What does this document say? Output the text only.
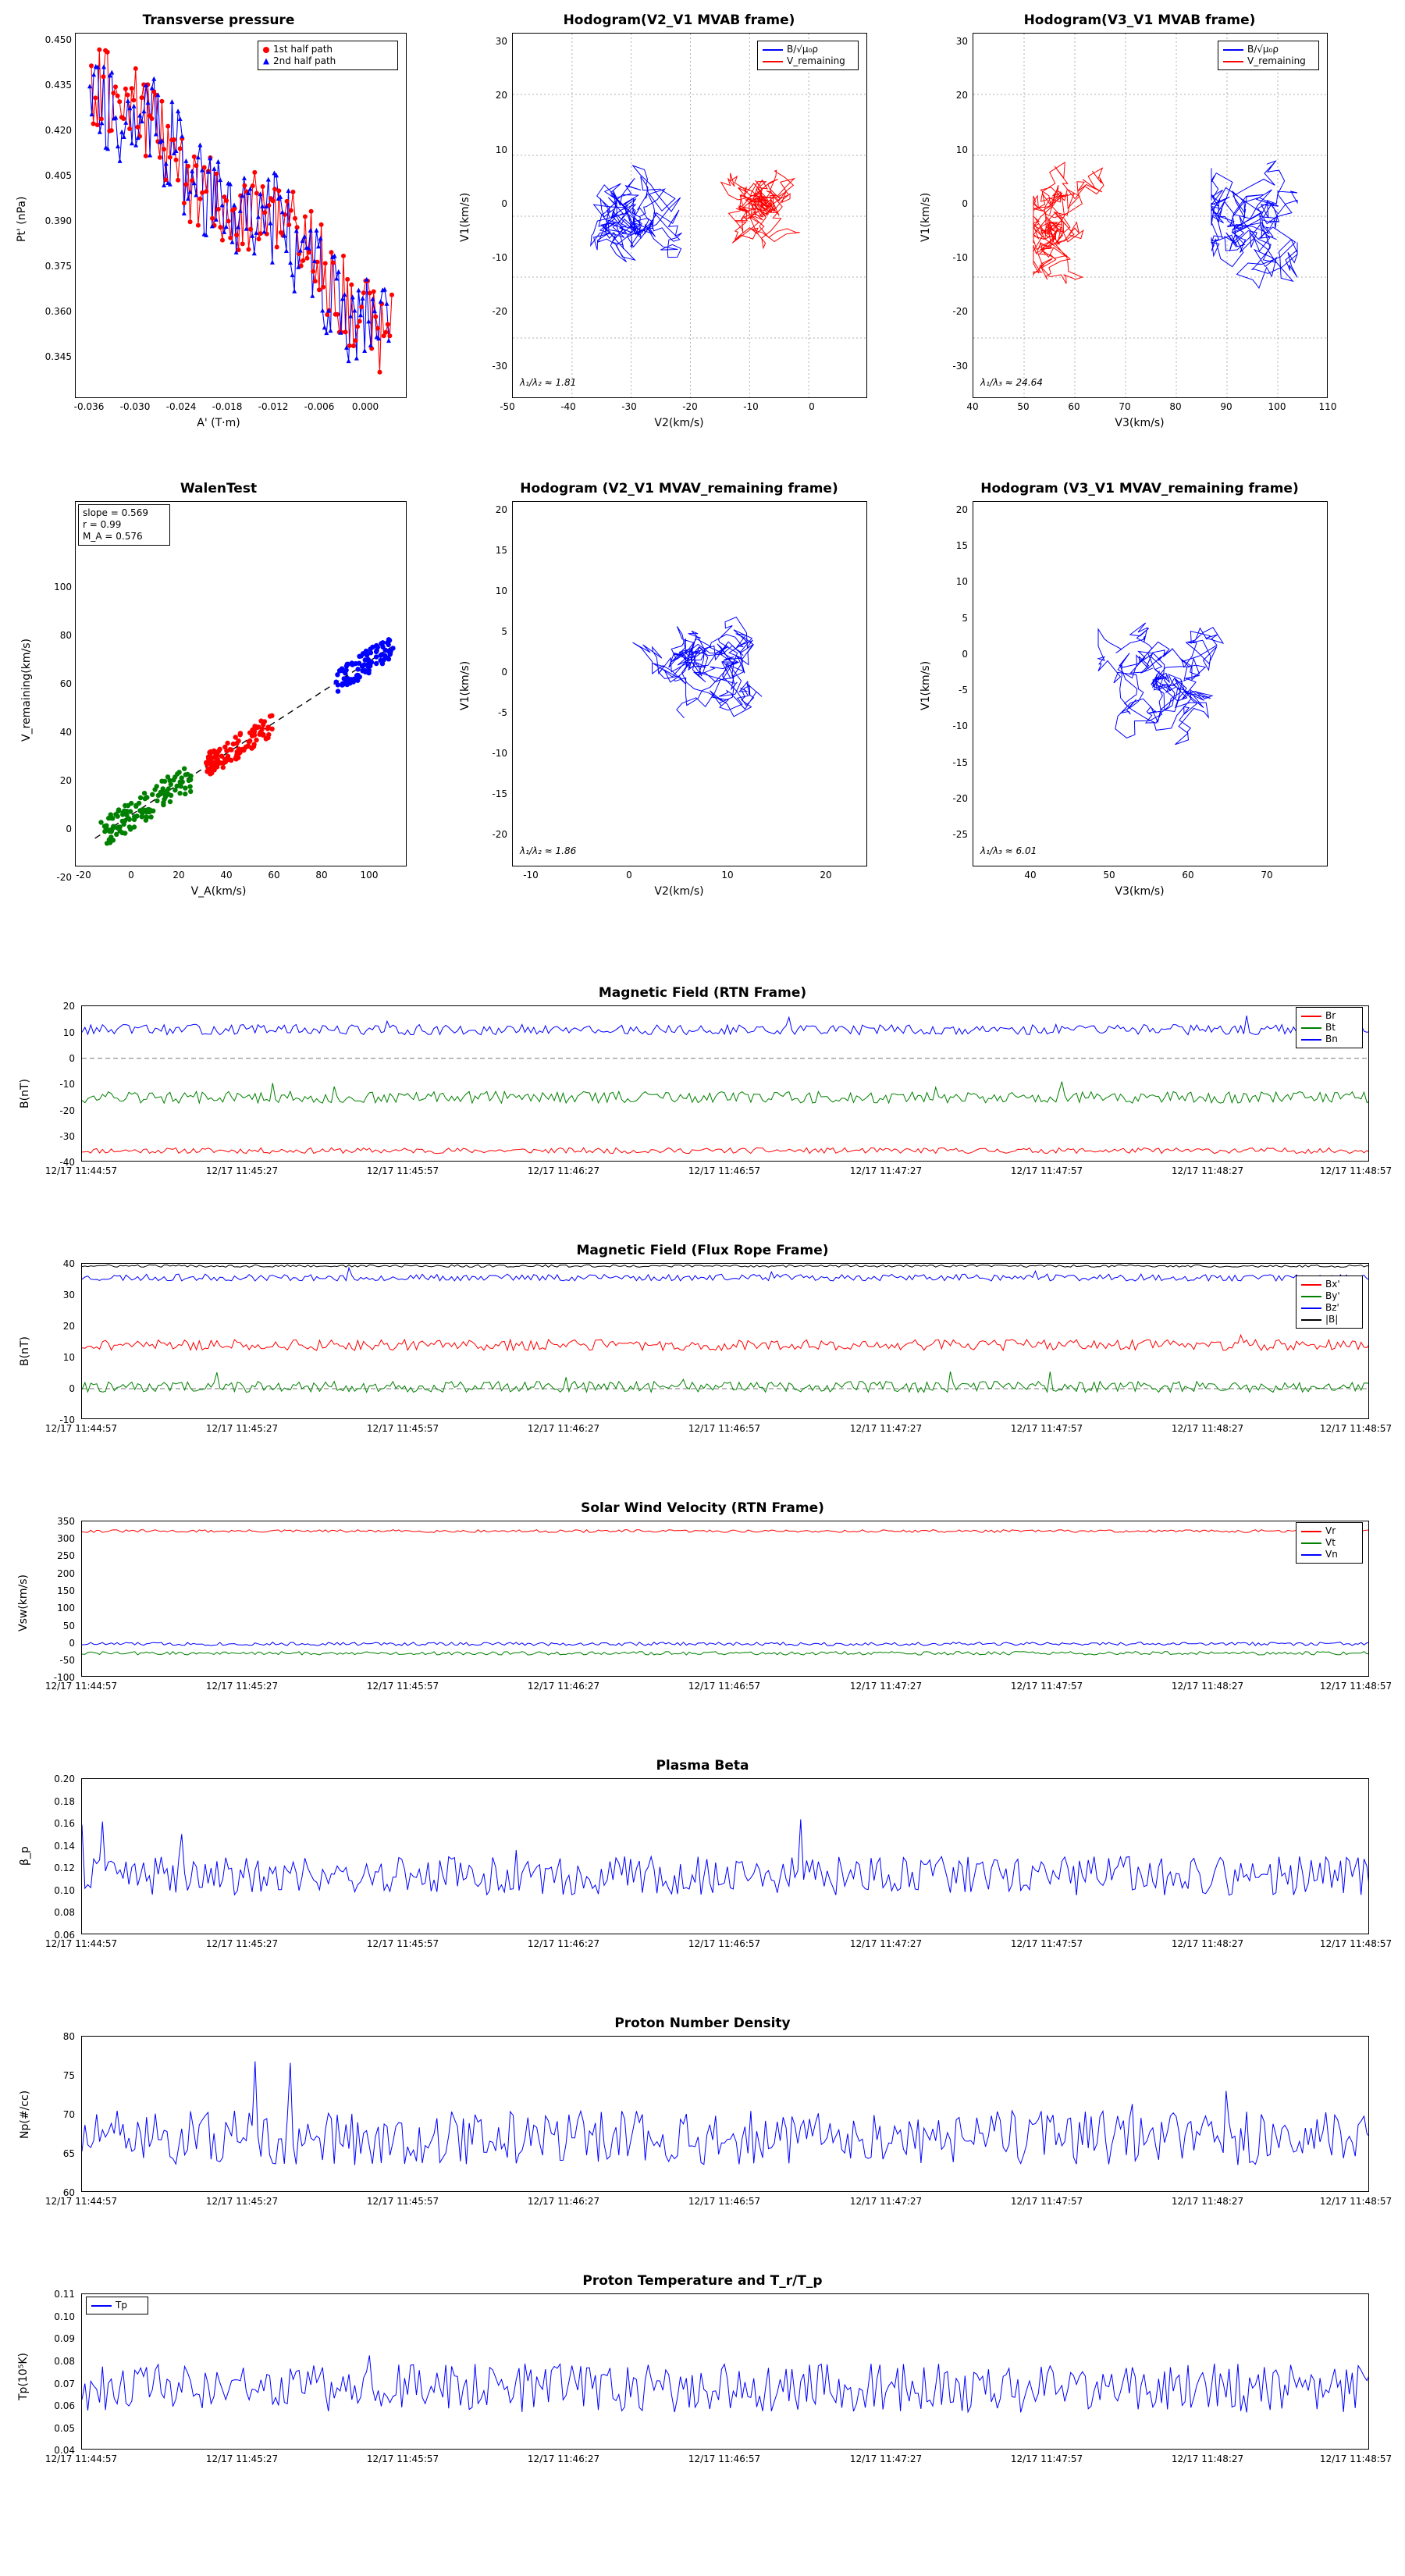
Transverse pressure
0.345
0.360
0.375
0.390
0.405
0.420
0.435
0.450
-0.036	-0.030	-0.024	-0.018	-0.012	-0.006	0.000
A' (T·m)
Pt' (nPa)
1st half path
2nd half path
Hodogram(V2_V1 MVAB frame)
-30
-20
-10
0
10
20
30
-50	-40	-30	-20	-10	0
V2(km/s)
V1(km/s)
B/√μ₀ρ
V_remaining
λ₁/λ₂ ≈ 1.81
Hodogram(V3_V1 MVAB frame)
-30
-20
-10
0
10
20
30
40	50	60	70	80	90	100	110
V3(km/s)
V1(km/s)
B/√μ₀ρ
V_remaining
λ₁/λ₃ ≈ 24.64
WalenTest
slope = 0.569
r = 0.99
M_A = 0.576
-20
0
20
40
60
80
100
-20	0	20	40	60	80	100
V_A(km/s)
V_remaining(km/s)
Hodogram (V2_V1 MVAV_remaining frame)
-20
-15
-10
-5
0
5
10
15
20
-10	0	10	20
V2(km/s)
V1(km/s)
λ₁/λ₂ ≈ 1.86
Hodogram (V3_V1 MVAV_remaining frame)
-25
-20
-15
-10
-5
0
5
10
15
20
40	50	60	70
V3(km/s)
V1(km/s)
λ₁/λ₃ ≈ 6.01
Magnetic Field (RTN Frame)
-40
-30
-20
-10
0
10
20
B(nT)
12/17 11:44:57	12/17 11:45:27	12/17 11:45:57	12/17 11:46:27	12/17 11:46:57	12/17 11:47:27	12/17 11:47:57	12/17 11:48:27	12/17 11:48:57
Br
Bt
Bn
Magnetic Field (Flux Rope Frame)
-10
0
10
20
30
40
B(nT)
12/17 11:44:57	12/17 11:45:27	12/17 11:45:57	12/17 11:46:27	12/17 11:46:57	12/17 11:47:27	12/17 11:47:57	12/17 11:48:27	12/17 11:48:57
Bx'
By'
Bz'
|B|
Solar Wind Velocity (RTN Frame)
-100
-50
0
50
100
150
200
250
300
350
Vsw(km/s)
12/17 11:44:57	12/17 11:45:27	12/17 11:45:57	12/17 11:46:27	12/17 11:46:57	12/17 11:47:27	12/17 11:47:57	12/17 11:48:27	12/17 11:48:57
Vr
Vt
Vn
Plasma Beta
0.06
0.08
0.10
0.12
0.14
0.16
0.18
0.20
β_p
12/17 11:44:57	12/17 11:45:27	12/17 11:45:57	12/17 11:46:27	12/17 11:46:57	12/17 11:47:27	12/17 11:47:57	12/17 11:48:27	12/17 11:48:57
Proton Number Density
60
65
70
75
80
Np(#/cc)
12/17 11:44:57	12/17 11:45:27	12/17 11:45:57	12/17 11:46:27	12/17 11:46:57	12/17 11:47:27	12/17 11:47:57	12/17 11:48:27	12/17 11:48:57
Proton Temperature and T_r/T_p
0.04
0.05
0.06
0.07
0.08
0.09
0.10
0.11
Tp(10⁵K)
12/17 11:44:57	12/17 11:45:27	12/17 11:45:57	12/17 11:46:27	12/17 11:46:57	12/17 11:47:27	12/17 11:47:57	12/17 11:48:27	12/17 11:48:57
Tp
